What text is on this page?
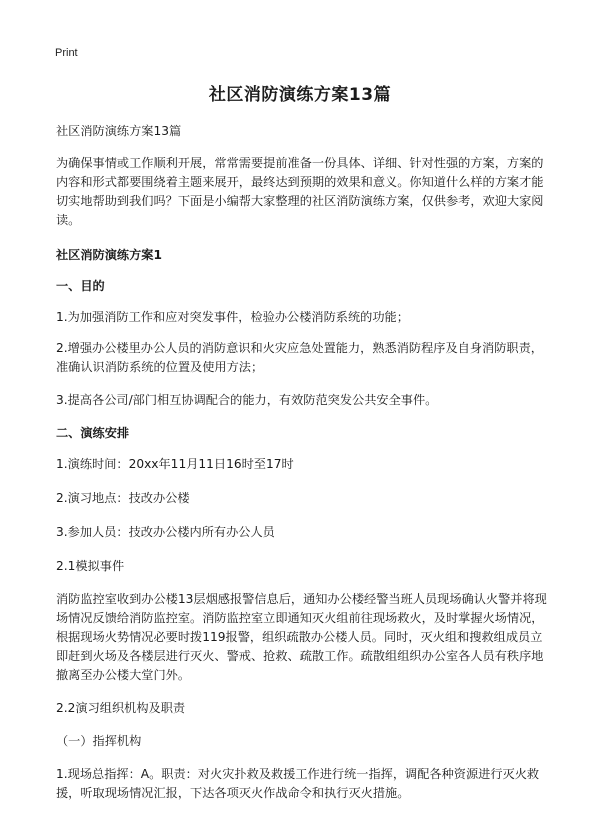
Print
社区消防演练方案13篇

社区消防演练方案13篇

为确保事情或工作顺利开展，常常需要提前准备一份具体、详细、针对性强的方案，方案的内容和形式都要围绕着主题来展开，最终达到预期的效果和意义。你知道什么样的方案才能切实地帮助到我们吗？下面是小编帮大家整理的社区消防演练方案，仅供参考，欢迎大家阅读。

社区消防演练方案1

一、目的

1.为加强消防工作和应对突发事件，检验办公楼消防系统的功能；

2.增强办公楼里办公人员的消防意识和火灾应急处置能力，熟悉消防程序及自身消防职责，准确认识消防系统的位置及使用方法；

3.提高各公司/部门相互协调配合的能力，有效防范突发公共安全事件。

二、演练安排

1.演练时间：20xx年11月11日16时至17时

2.演习地点：技改办公楼

3.参加人员：技改办公楼内所有办公人员

2.1模拟事件

消防监控室收到办公楼13层烟感报警信息后，通知办公楼经警当班人员现场确认火警并将现场情况反馈给消防监控室。消防监控室立即通知灭火组前往现场救火，及时掌握火场情况，根据现场火势情况必要时拨119报警，组织疏散办公楼人员。同时，灭火组和搜救组成员立即赶到火场及各楼层进行灭火、警戒、抢救、疏散工作。疏散组组织办公室各人员有秩序地撤离至办公楼大堂门外。

2.2演习组织机构及职责

（一）指挥机构

1.现场总指挥：A。职责：对火灾扑救及救援工作进行统一指挥，调配各种资源进行灭火救援，听取现场情况汇报，下达各项灭火作战命令和执行灭火措施。
